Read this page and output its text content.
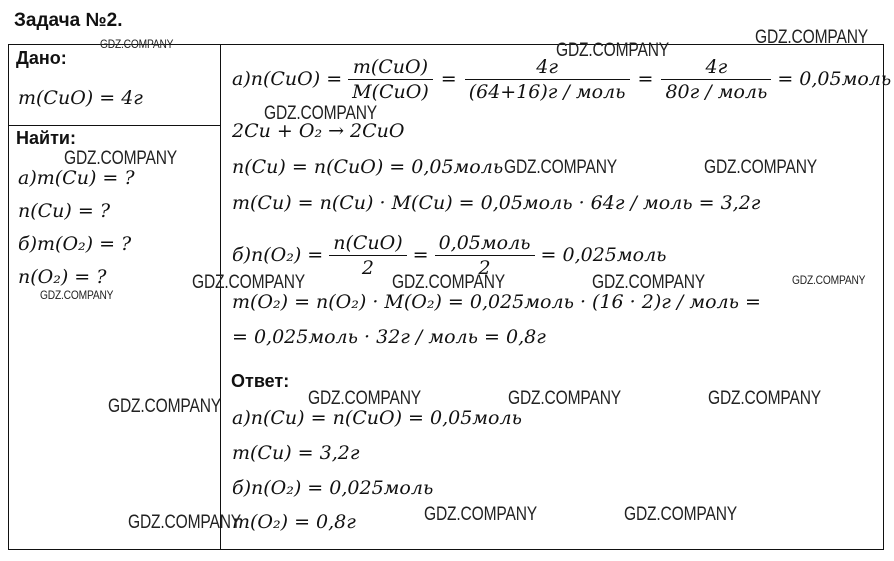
Задача №2.
Дано:
m(CuO) = 4г
Найти:
а)m(Cu) = ?
n(Cu) = ?
б)m(O₂) = ?
n(O₂) = ?
$а)n(CuO) = \frac{\text{m(CuO)}}{\text{M(CuO)}} = \frac{4г}{\text{(64+16)г / моль}} = \frac{4г}{\text{80г / моль}}$ = 0,05моль
2Cu + O₂ → 2CuO
n(Cu) = n(CuO) = 0,05моль
m(Cu) = n(Cu) · M(Cu) = 0,05моль · 64г / моль = 3,2г
$б)n(O_2) = \frac{\text{n(CuO)}}{2} = \frac{\text{0,05моль}}{2}$ = 0,025моль
m(O₂) = n(O₂) · M(O₂) = 0,025моль · (16 · 2)г / моль =
= 0,025моль · 32г / моль = 0,8г
Ответ:
а)n(Cu) = n(CuO) = 0,05моль
m(Cu) = 3,2г
б)n(O₂) = 0,025моль
m(O₂) = 0,8г
GDZ.COMPANY	GDZ.COMPANY
GDZ.COMPANY
GDZ.COMPANY
GDZ.COMPANY	GDZ.COMPANY	GDZ.COMPANY
GDZ.COMPANY	GDZ.COMPANY	GDZ.COMPANY	GDZ.COMPANY
GDZ.COMPANY
GDZ.COMPANY	GDZ.COMPANY	GDZ.COMPANY
GDZ.COMPANY
GDZ.COMPANY	GDZ.COMPANY	GDZ.COMPANY
